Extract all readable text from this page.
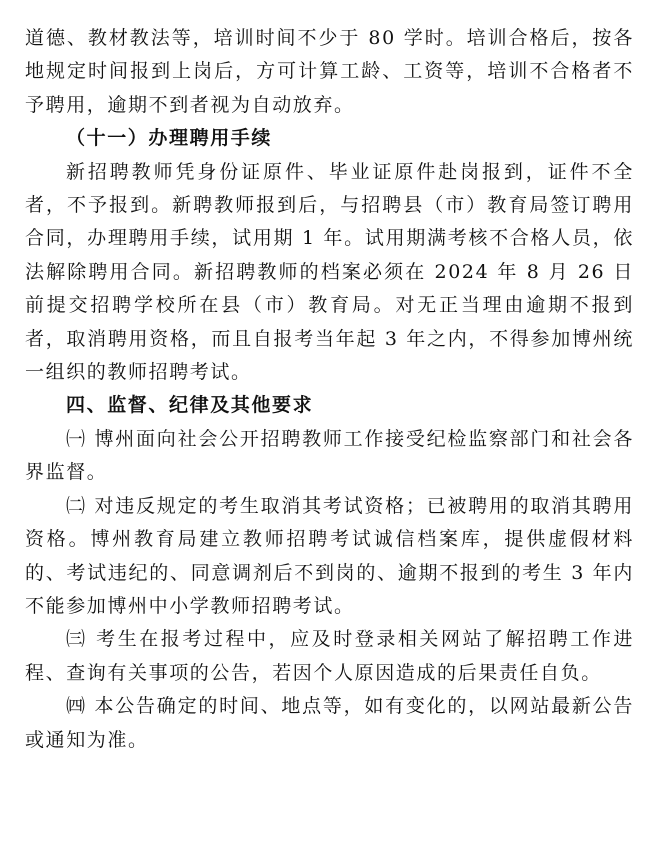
道德、教材教法等，培训时间不少于 80 学时。培训合格后，按各地规定时间报到上岗后，方可计算工龄、工资等，培训不合格者不予聘用，逾期不到者视为自动放弃。

（十一）办理聘用手续

新招聘教师凭身份证原件、毕业证原件赴岗报到，证件不全者，不予报到。新聘教师报到后，与招聘县（市）教育局签订聘用合同，办理聘用手续，试用期 1 年。试用期满考核不合格人员，依法解除聘用合同。新招聘教师的档案必须在 2024 年 8 月 26 日前提交招聘学校所在县（市）教育局。对无正当理由逾期不报到者，取消聘用资格，而且自报考当年起 3 年之内，不得参加博州统一组织的教师招聘考试。

四、监督、纪律及其他要求

㈠ 博州面向社会公开招聘教师工作接受纪检监察部门和社会各界监督。

㈡ 对违反规定的考生取消其考试资格；已被聘用的取消其聘用资格。博州教育局建立教师招聘考试诚信档案库，提供虚假材料的、考试违纪的、同意调剂后不到岗的、逾期不报到的考生 3 年内不能参加博州中小学教师招聘考试。

㈢ 考生在报考过程中，应及时登录相关网站了解招聘工作进程、查询有关事项的公告，若因个人原因造成的后果责任自负。

㈣ 本公告确定的时间、地点等，如有变化的，以网站最新公告或通知为准。
